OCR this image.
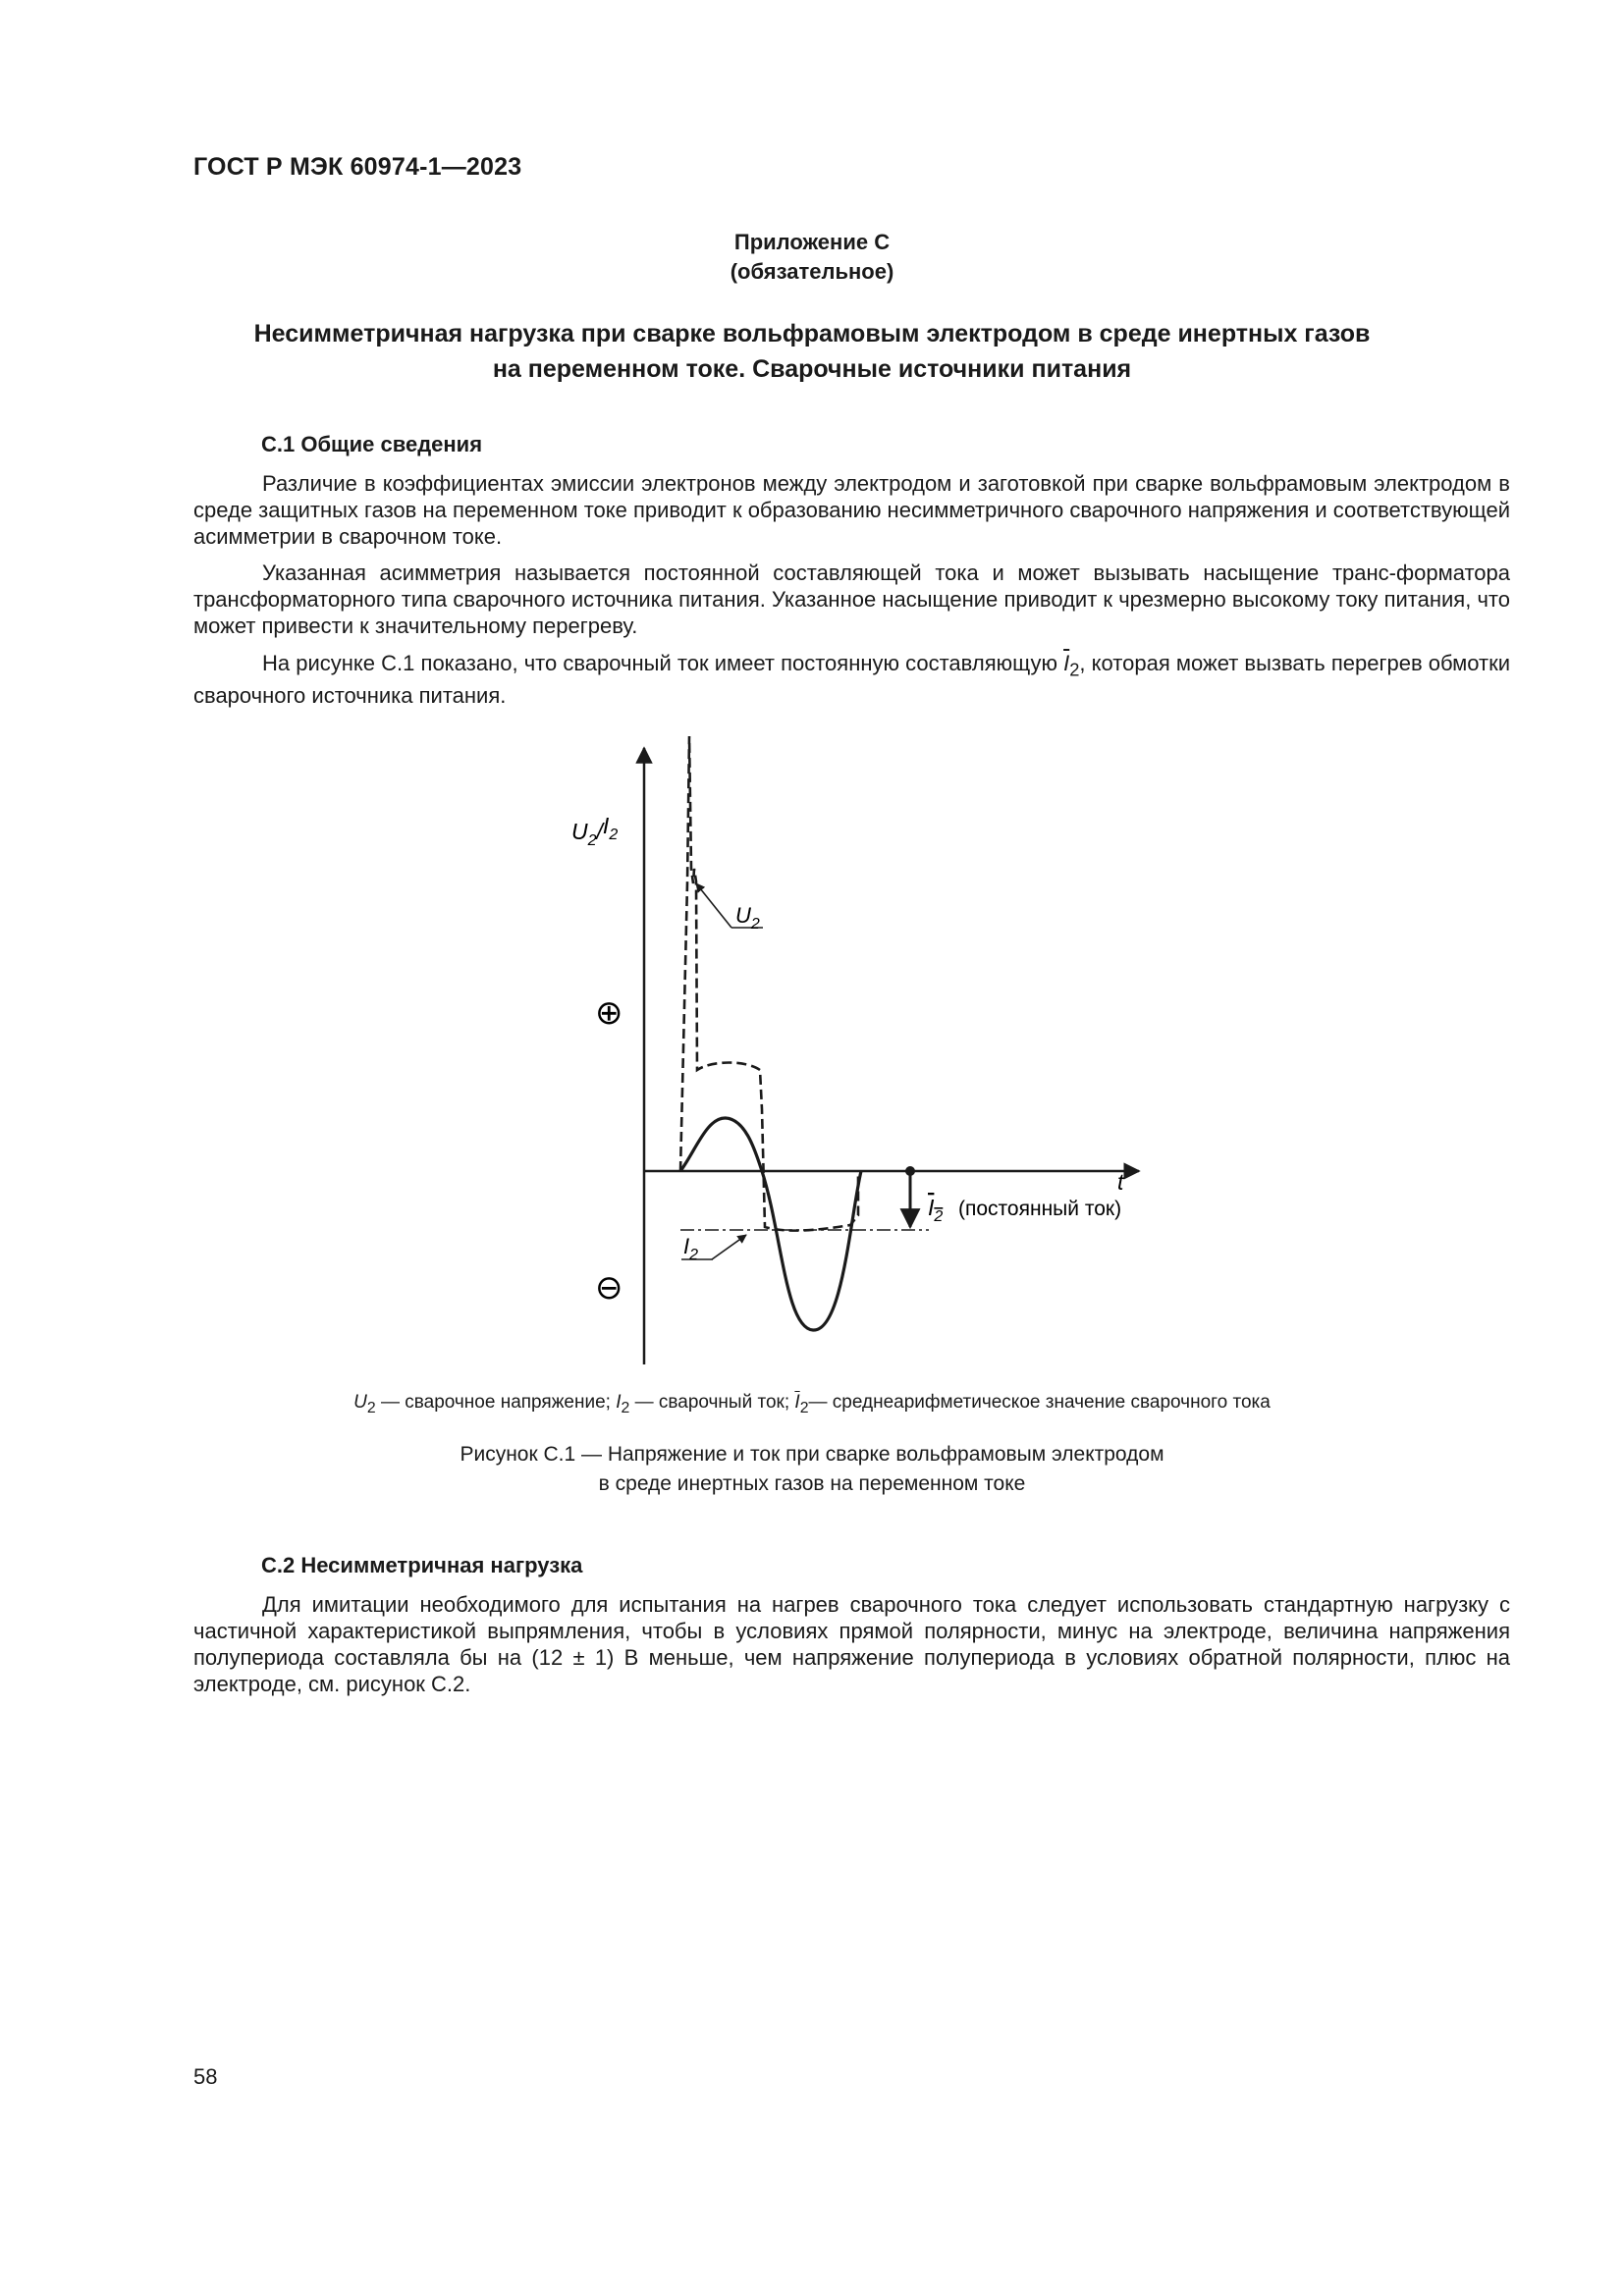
ГОСТ Р МЭК 60974-1—2023
Приложение С
(обязательное)
Несимметричная нагрузка при сварке вольфрамовым электродом в среде инертных газов
на переменном токе. Сварочные источники питания
С.1 Общие сведения

Различие в коэффициентах эмиссии электронов между электродом и заготовкой при сварке вольфрамовым электродом в среде защитных газов на переменном токе приводит к образованию несимметричного сварочного напряжения и соответствующей асимметрии в сварочном токе.

Указанная асимметрия называется постоянной составляющей тока и может вызывать насыщение транс-форматора трансформаторного типа сварочного источника питания. Указанное насыщение приводит к чрезмерно высокому току питания, что может привести к значительному перегреву.

На рисунке С.1 показано, что сварочный ток имеет постоянную составляющую $\overline{I}_2$, которая может вызвать перегрев обмотки сварочного источника питания.

$U_2/I_2$
t
⊕
⊖
$I_2$ (постоянный ток)
$U_2$
$I_2$
$U_2$ — сварочное напряжение; $I_2$ — сварочный ток; $\overline{I}_2—$ среднеарифметическое значение сварочного тока
Рисунок С.1 — Напряжение и ток при сварке вольфрамовым электродом
в среде инертных газов на переменном токе
С.2 Несимметричная нагрузка

Для имитации необходимого для испытания на нагрев сварочного тока следует использовать стандартную нагрузку с частичной характеристикой выпрямления, чтобы в условиях прямой полярности, минус на электроде, величина напряжения полупериода составляла бы на (12 ± 1) В меньше, чем напряжение полупериода в условиях обратной полярности, плюс на электроде, см. рисунок С.2.

58
